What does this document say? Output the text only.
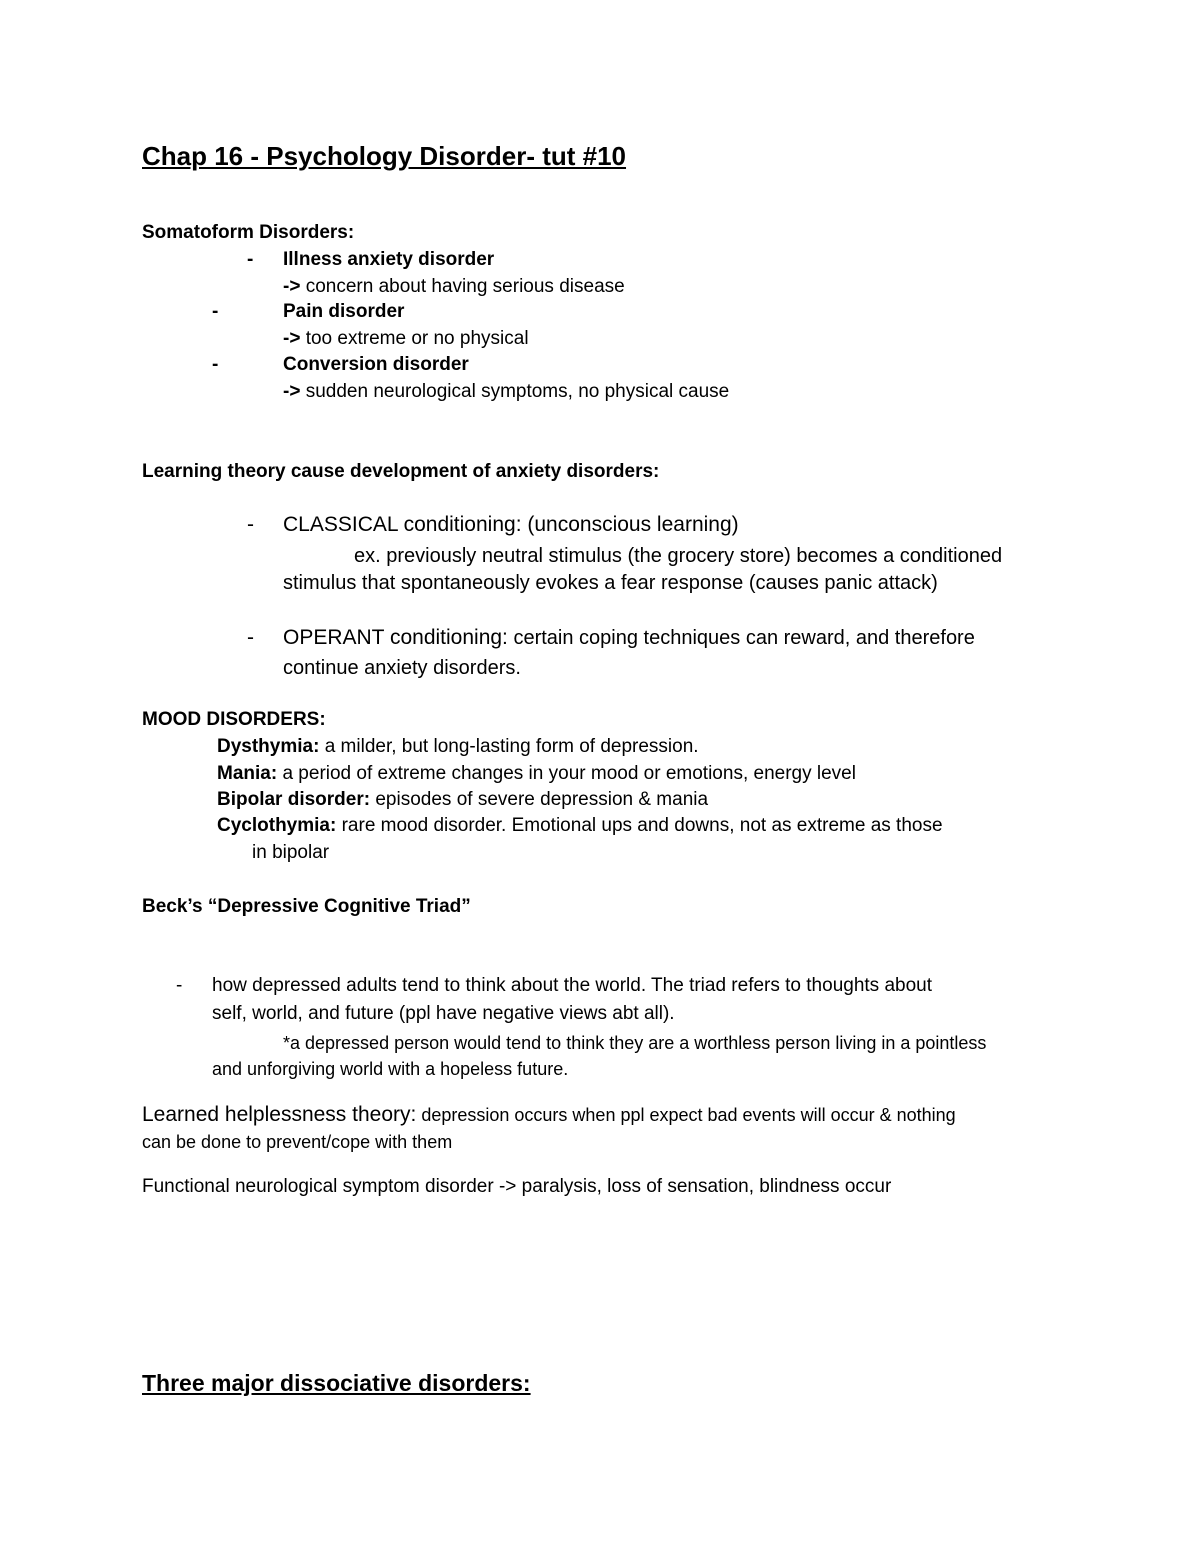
Chap 16 - Psychology Disorder- tut #10
Somatoform Disorders:
- Illness anxiety disorder
-> concern about having serious disease
-	Pain disorder
-> too extreme or no physical
-	Conversion disorder
-> sudden neurological symptoms, no physical cause
Learning theory cause development of anxiety disorders:
- CLASSICAL conditioning: (unconscious learning)
ex. previously neutral stimulus (the grocery store) becomes a conditioned
stimulus that spontaneously evokes a fear response (causes panic attack)
- OPERANT conditioning: certain coping techniques can reward, and therefore
continue anxiety disorders.
MOOD DISORDERS:
Dysthymia: a milder, but long-lasting form of depression.
Mania: a period of extreme changes in your mood or emotions, energy level
Bipolar disorder: episodes of severe depression & mania
Cyclothymia: rare mood disorder. Emotional ups and downs, not as extreme as those
in bipolar
Beck’s “Depressive Cognitive Triad”
- how depressed adults tend to think about the world. The triad refers to thoughts about
self, world, and future (ppl have negative views abt all).
*a depressed person would tend to think they are a worthless person living in a pointless
and unforgiving world with a hopeless future.
Learned helplessness theory: depression occurs when ppl expect bad events will occur & nothing
can be done to prevent/cope with them
Functional neurological symptom disorder -> paralysis, loss of sensation, blindness occur
Three major dissociative disorders:
